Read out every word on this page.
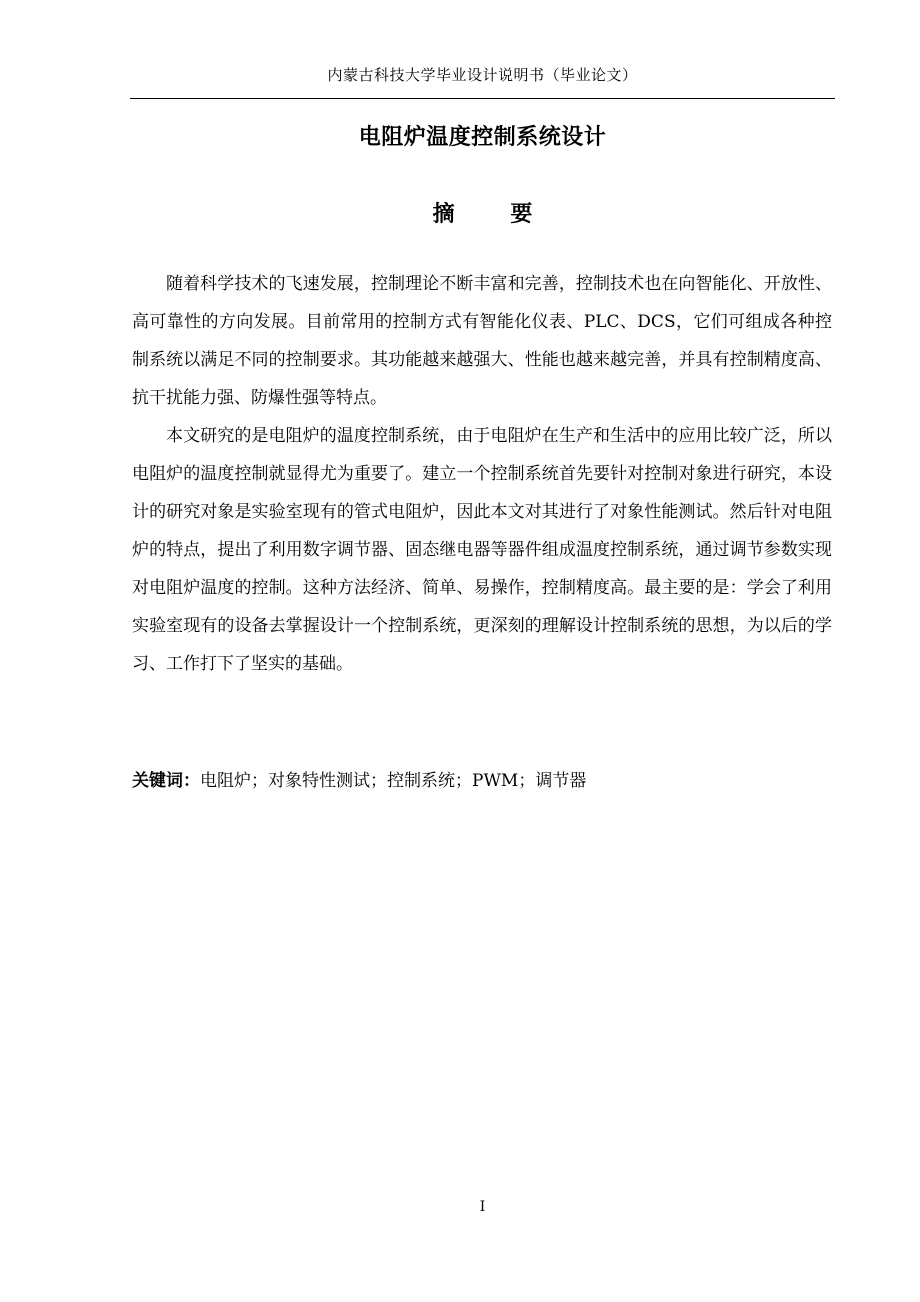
内蒙古科技大学毕业设计说明书（毕业论文）
电阻炉温度控制系统设计
摘 要

随着科学技术的飞速发展，控制理论不断丰富和完善，控制技术也在向智能化、开放性、高可靠性的方向发展。目前常用的控制方式有智能化仪表、PLC、DCS，它们可组成各种控制系统以满足不同的控制要求。其功能越来越强大、性能也越来越完善，并具有控制精度高、抗干扰能力强、防爆性强等特点。

本文研究的是电阻炉的温度控制系统，由于电阻炉在生产和生活中的应用比较广泛，所以电阻炉的温度控制就显得尤为重要了。建立一个控制系统首先要针对控制对象进行研究，本设计的研究对象是实验室现有的管式电阻炉，因此本文对其进行了对象性能测试。然后针对电阻炉的特点，提出了利用数字调节器、固态继电器等器件组成温度控制系统，通过调节参数实现对电阻炉温度的控制。这种方法经济、简单、易操作，控制精度高。最主要的是：学会了利用实验室现有的设备去掌握设计一个控制系统，更深刻的理解设计控制系统的思想，为以后的学习、工作打下了坚实的基础。

关键词：电阻炉；对象特性测试；控制系统；PWM；调节器
I
